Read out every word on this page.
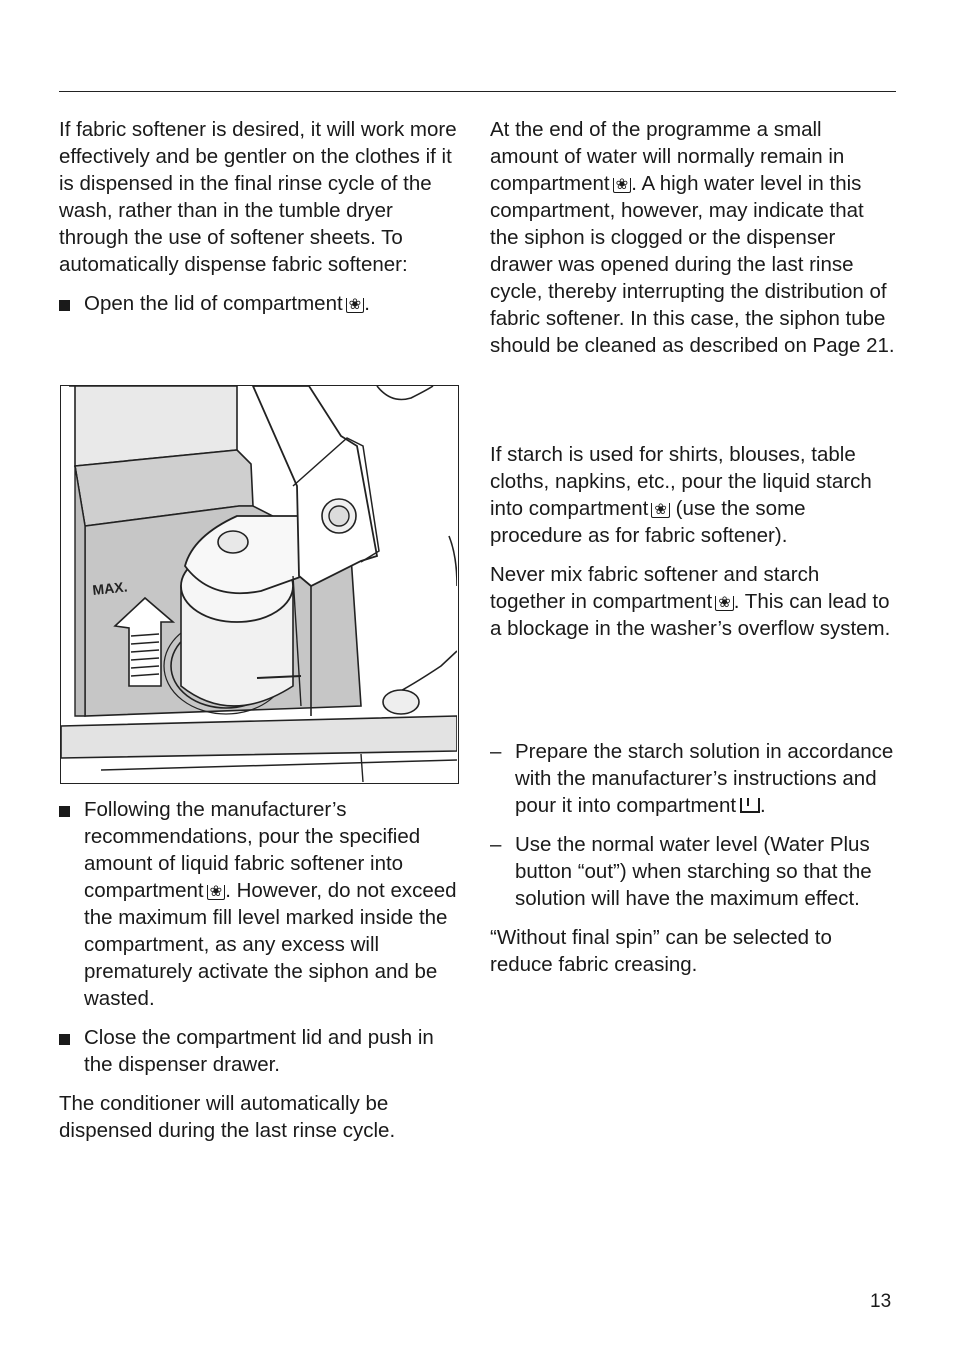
If fabric softener is desired, it will work more effectively and be gentler on the clothes if it is dispensed in the final rinse cycle of the wash, rather than in the tumble dryer through the use of softener sheets. To automatically dispense fabric softener:

Open the lid of compartment ❀ .
MAX.
Following the manufacturer’s recommendations, pour the specified amount of liquid fabric softener into compartment ❀ . However, do not exceed the maximum fill level marked inside the compartment, as any excess will prematurely activate the siphon and be wasted.
Close the compartment lid and push in the dispenser drawer.

The conditioner will automatically be dispensed during the last rinse cycle.

At the end of the programme a small amount of water will normally remain in compartment ❀ . A high water level in this compartment, however, may indicate that the siphon is clogged or the dispenser drawer was opened during the last rinse cycle, thereby interrupting the distribution of fabric softener. In this case, the siphon tube should be cleaned as described on Page 21.

If starch is used for shirts, blouses, table cloths, napkins, etc., pour the liquid starch into compartment ❀ (use the some procedure as for fabric softener).

Never mix fabric softener and starch together in compartment ❀ . This can lead to a blockage in the washer’s overflow system.

– Prepare the starch solution in accordance with the manufacturer’s instructions and pour it into compartment .
– Use the normal water level (Water Plus button “out”) when starching so that the solution will have the maximum effect.

“Without final spin” can be selected to reduce fabric creasing.

13
